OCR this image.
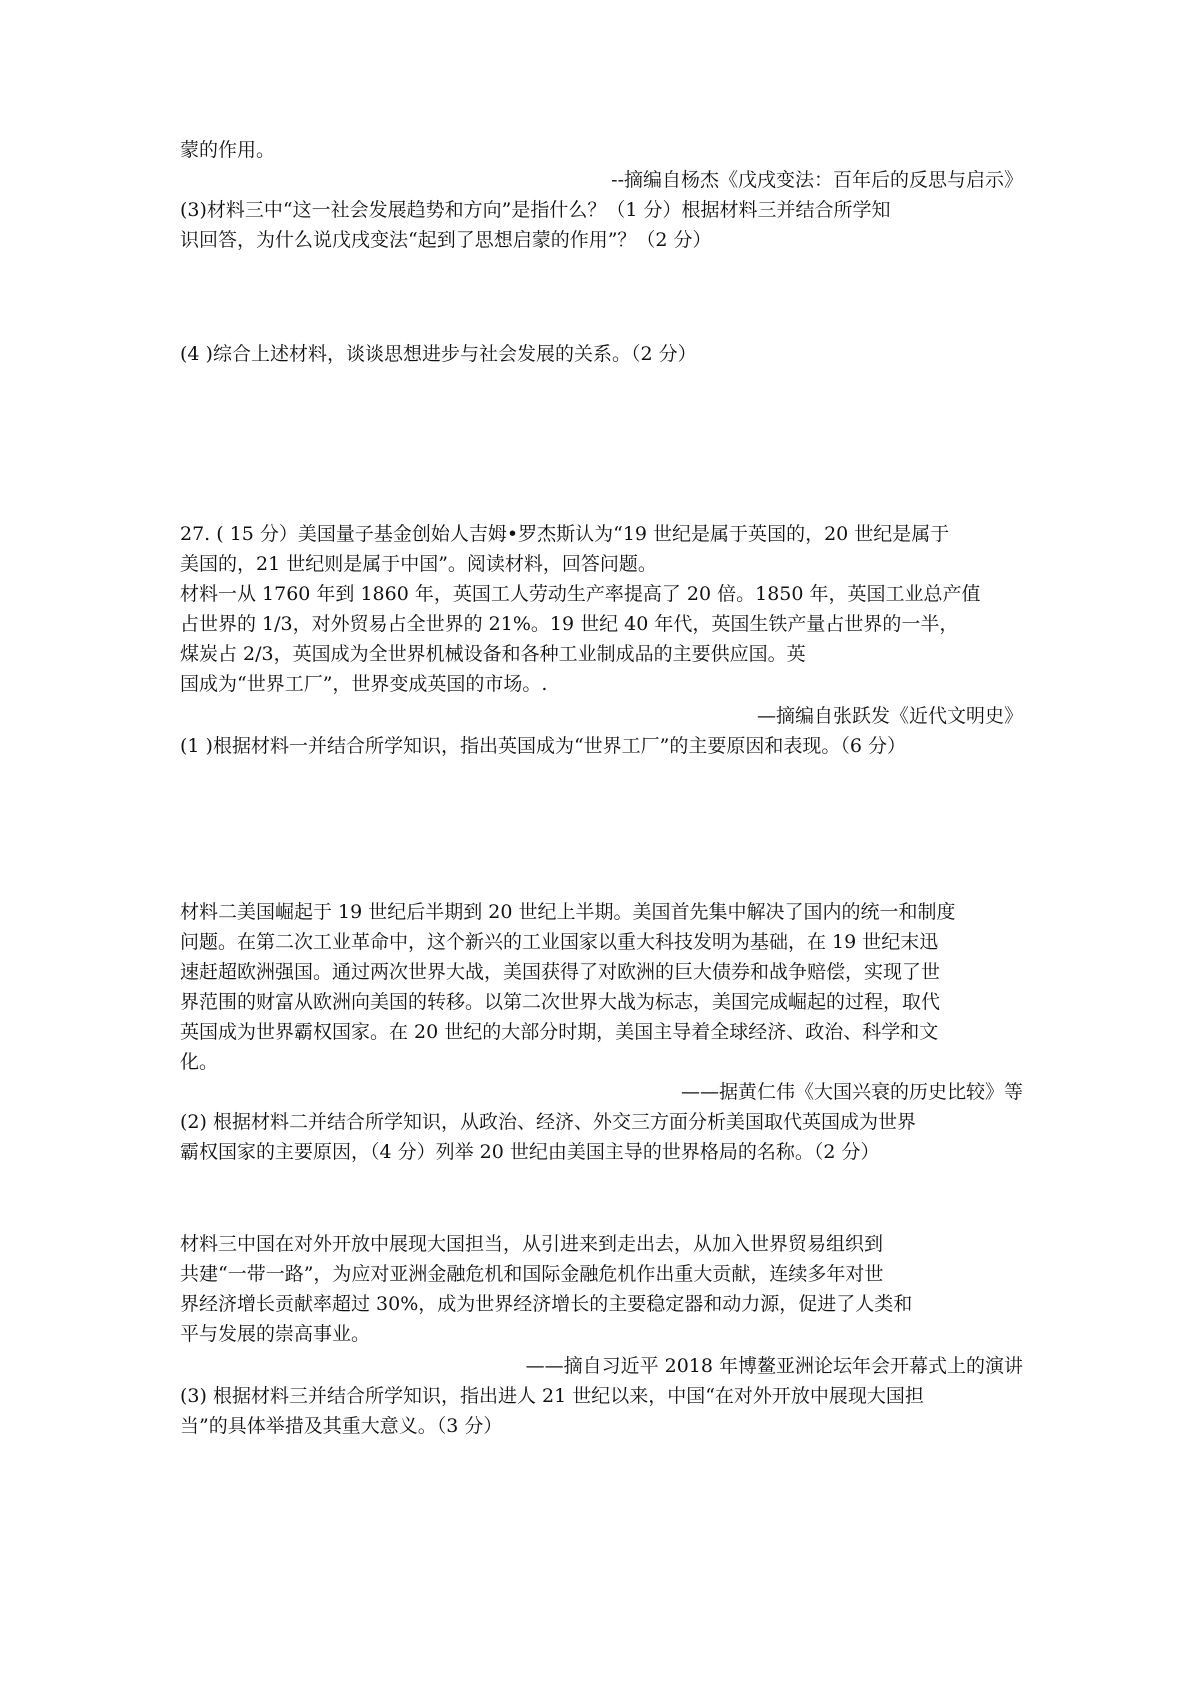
蒙的作用。
--摘编自杨杰《戊戌变法：百年后的反思与启示》
(3)材料三中“这一社会发展趋势和方向”是指什么？（1 分）根据材料三并结合所学知
识回答，为什么说戊戌变法“起到了思想启蒙的作用”？（2 分）
(4 )综合上述材料，谈谈思想进步与社会发展的关系。（2 分）
27. ( 15 分）美国量子基金创始人吉姆•罗杰斯认为“19 世纪是属于英国的，20 世纪是属于
美国的，21 世纪则是属于中国”。阅读材料，回答问题。
材料一从 1760 年到 1860 年，英国工人劳动生产率提高了 20 倍。1850 年，英国工业总产值
占世界的 1/3，对外贸易占全世界的 21%。19 世纪 40 年代，英国生铁产量占世界的一半，
煤炭占 2/3，英国成为全世界机械设备和各种工业制成品的主要供应国。英
国成为“世界工厂”，世界变成英国的市场。.
—摘编自张跃发《近代文明史》
(1 )根据材料一并结合所学知识，指出英国成为“世界工厂”的主要原因和表现。（6 分）
材料二美国崛起于 19 世纪后半期到 20 世纪上半期。美国首先集中解决了国内的统一和制度
问题。在第二次工业革命中，这个新兴的工业国家以重大科技发明为基础，在 19 世纪末迅
速赶超欧洲强国。通过两次世界大战，美国获得了对欧洲的巨大债券和战争赔偿，实现了世
界范围的财富从欧洲向美国的转移。以第二次世界大战为标志，美国完成崛起的过程，取代
英国成为世界霸权国家。在 20 世纪的大部分时期，美国主导着全球经济、政治、科学和文
化。
——据黄仁伟《大国兴衰的历史比较》等
(2) 根据材料二并结合所学知识，从政治、经济、外交三方面分析美国取代英国成为世界
霸权国家的主要原因，（4 分）列举 20 世纪由美国主导的世界格局的名称。（2 分）
材料三中国在对外开放中展现大国担当，从引进来到走出去，从加入世界贸易组织到
共建“一带一路”，为应对亚洲金融危机和国际金融危机作出重大贡献，连续多年对世
界经济增长贡献率超过 30%，成为世界经济增长的主要稳定器和动力源，促进了人类和
平与发展的崇高事业。
——摘自习近平 2018 年博鳌亚洲论坛年会开幕式上的演讲
(3) 根据材料三并结合所学知识，指出进人 21 世纪以来，中国“在对外开放中展现大国担
当”的具体举措及其重大意义。（3 分）
